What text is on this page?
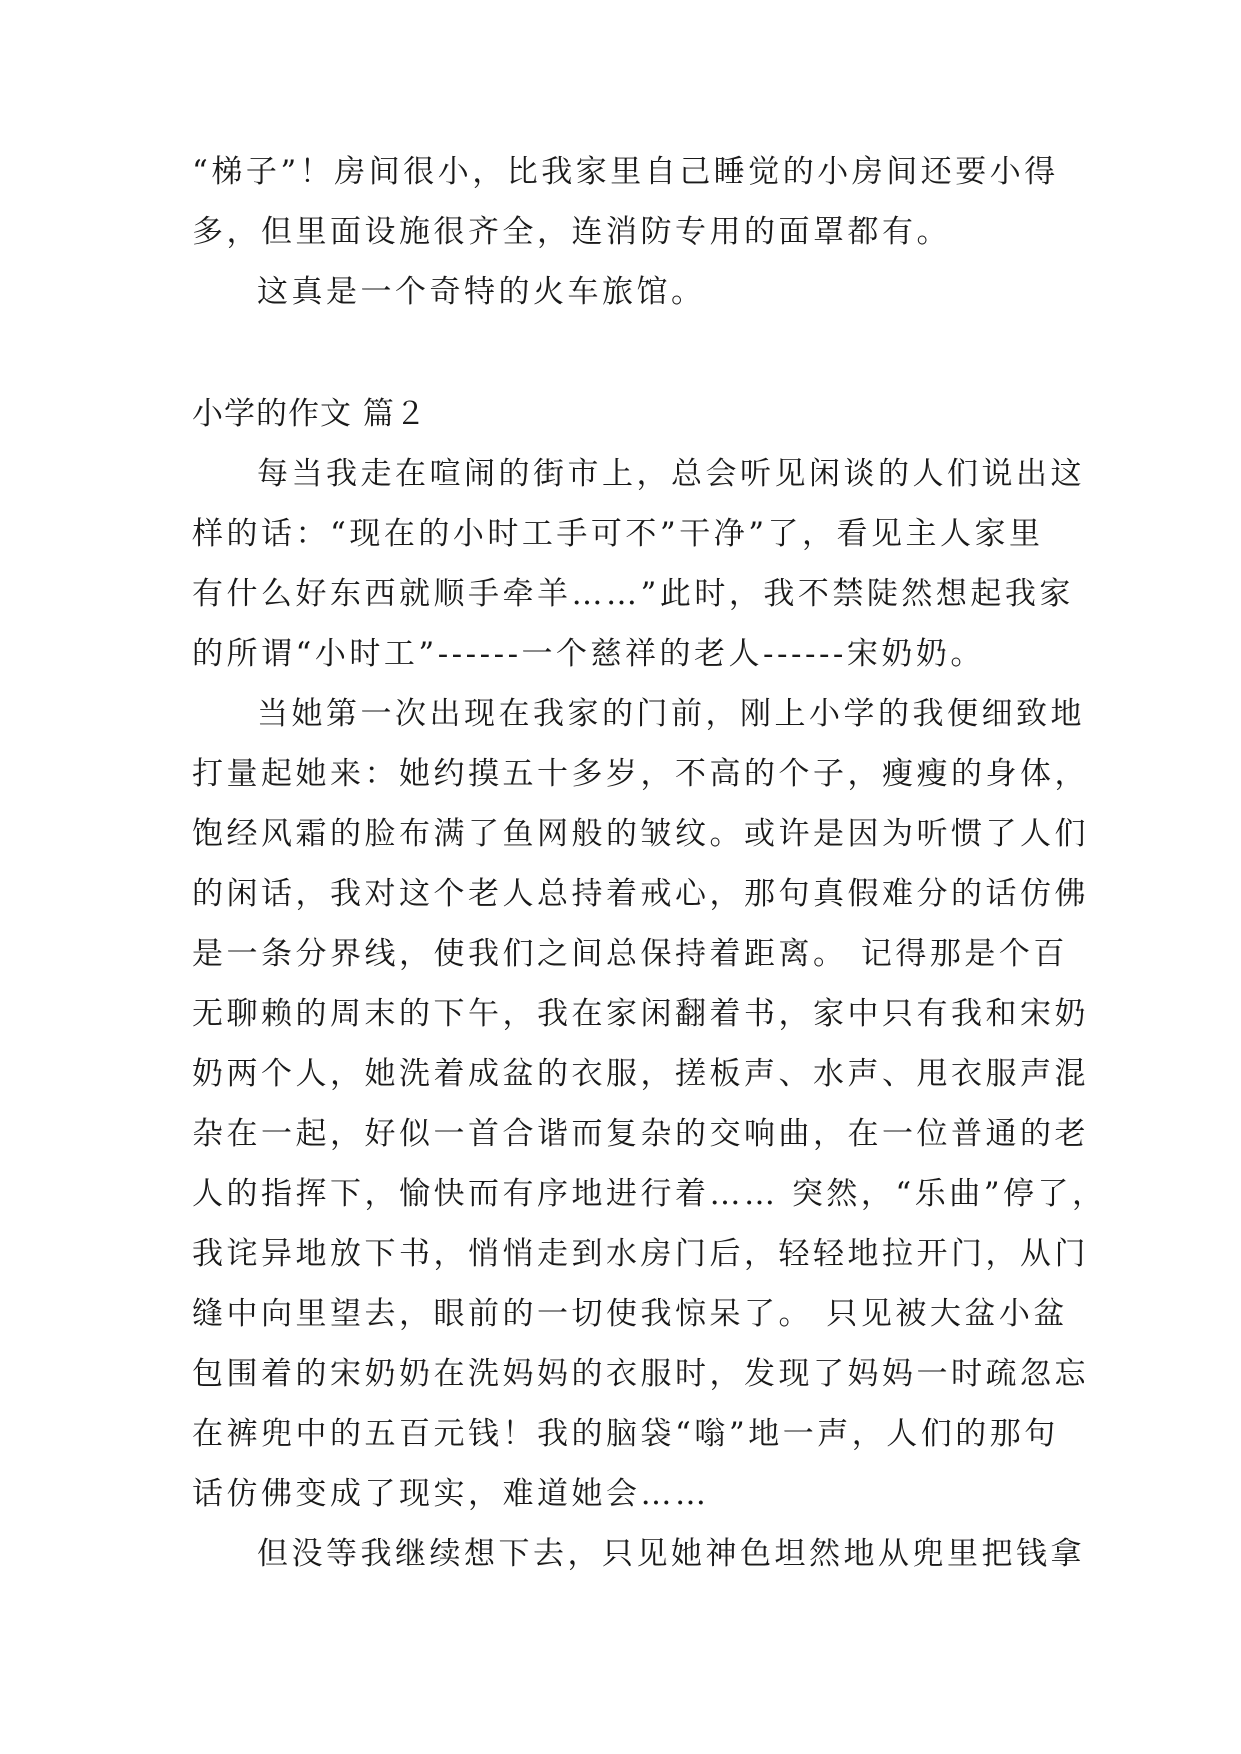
“梯子”！房间很小，比我家里自己睡觉的小房间还要小得
多，但里面设施很齐全，连消防专用的面罩都有。
这真是一个奇特的火车旅馆。
小学的作文 篇２
每当我走在喧闹的街市上，总会听见闲谈的人们说出这
样的话：“现在的小时工手可不”干净”了，看见主人家里
有什么好东西就顺手牵羊……”此时，我不禁陡然想起我家
的所谓“小时工”------一个慈祥的老人------宋奶奶。
当她第一次出现在我家的门前，刚上小学的我便细致地
打量起她来：她约摸五十多岁，不高的个子，瘦瘦的身体，
饱经风霜的脸布满了鱼网般的皱纹。或许是因为听惯了人们
的闲话，我对这个老人总持着戒心，那句真假难分的话仿佛
是一条分界线，使我们之间总保持着距离。 记得那是个百
无聊赖的周末的下午，我在家闲翻着书，家中只有我和宋奶
奶两个人，她洗着成盆的衣服，搓板声、水声、甩衣服声混
杂在一起，好似一首合谐而复杂的交响曲，在一位普通的老
人的指挥下，愉快而有序地进行着…… 突然，“乐曲”停了，
我诧异地放下书，悄悄走到水房门后，轻轻地拉开门，从门
缝中向里望去，眼前的一切使我惊呆了。 只见被大盆小盆
包围着的宋奶奶在洗妈妈的衣服时，发现了妈妈一时疏忽忘
在裤兜中的五百元钱！我的脑袋“嗡”地一声，人们的那句
话仿佛变成了现实，难道她会……
但没等我继续想下去，只见她神色坦然地从兜里把钱拿
